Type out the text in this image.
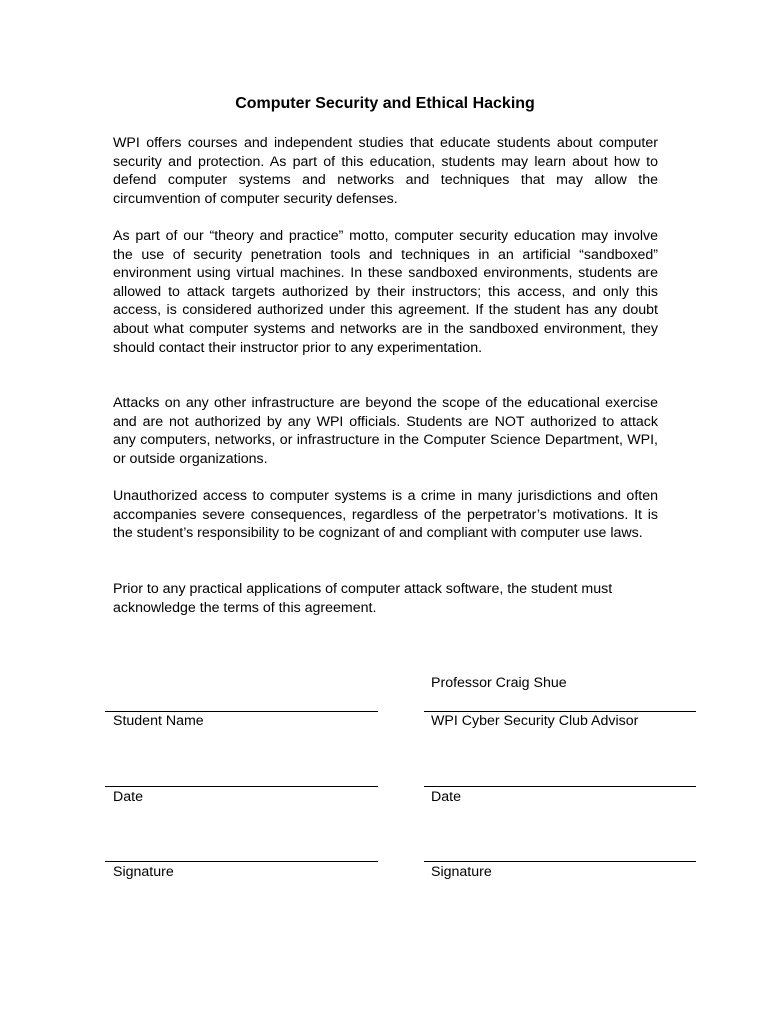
Computer Security and Ethical Hacking

WPI offers courses and independent studies that educate students about computer security and protection. As part of this education, students may learn about how to defend computer systems and networks and techniques that may allow the circumvention of computer security defenses.

As part of our “theory and practice” motto, computer security education may involve the use of security penetration tools and techniques in an artificial “sandboxed” environment using virtual machines. In these sandboxed environments, students are allowed to attack targets authorized by their instructors; this access, and only this access, is considered authorized under this agreement. If the student has any doubt about what computer systems and networks are in the sandboxed environment, they should contact their instructor prior to any experimentation.

Attacks on any other infrastructure are beyond the scope of the educational exercise and are not authorized by any WPI officials. Students are NOT authorized to attack any computers, networks, or infrastructure in the Computer Science Department, WPI, or outside organizations.

Unauthorized access to computer systems is a crime in many jurisdictions and often accompanies severe consequences, regardless of the perpetrator’s motivations. It is the student’s responsibility to be cognizant of and compliant with computer use laws.

Prior to any practical applications of computer attack software, the student must acknowledge the terms of this agreement.

Professor Craig Shue
Student Name	WPI Cyber Security Club Advisor
Date	Date
Signature	Signature
